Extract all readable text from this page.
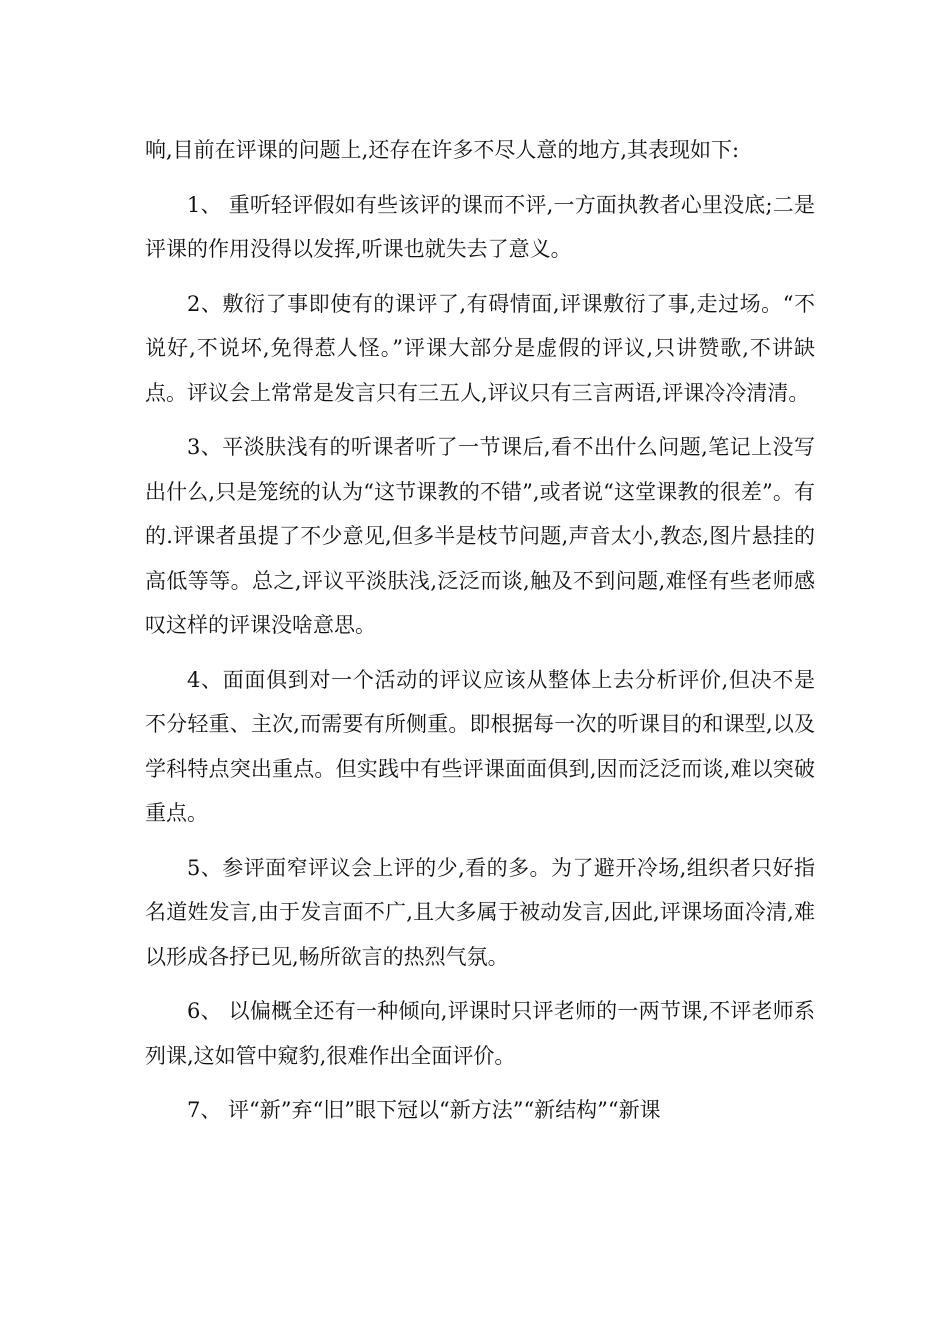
响,目前在评课的问题上,还存在许多不尽人意的地方,其表现如下:

1、 重听轻评假如有些该评的课而不评,一方面执教者心里没底;二是评课的作用没得以发挥,听课也就失去了意义。

2、敷衍了事即使有的课评了,有碍情面,评课敷衍了事,走过场。“不说好,不说坏,免得惹人怪。”评课大部分是虚假的评议,只讲赞歌,不讲缺点。评议会上常常是发言只有三五人,评议只有三言两语,评课冷冷清清。

3、平淡肤浅有的听课者听了一节课后,看不出什么问题,笔记上没写出什么,只是笼统的认为“这节课教的不错”,或者说“这堂课教的很差”。有的.评课者虽提了不少意见,但多半是枝节问题,声音太小,教态,图片悬挂的高低等等。总之,评议平淡肤浅,泛泛而谈,触及不到问题,难怪有些老师感叹这样的评课没啥意思。

4、面面俱到对一个活动的评议应该从整体上去分析评价,但决不是不分轻重、主次,而需要有所侧重。即根据每一次的听课目的和课型,以及学科特点突出重点。但实践中有些评课面面俱到,因而泛泛而谈,难以突破重点。

5、参评面窄评议会上评的少,看的多。为了避开冷场,组织者只好指名道姓发言,由于发言面不广,且大多属于被动发言,因此,评课场面冷清,难以形成各抒已见,畅所欲言的热烈气氛。

6、 以偏概全还有一种倾向,评课时只评老师的一两节课,不评老师系列课,这如管中窥豹,很难作出全面评价。

7、 评“新”弃“旧”眼下冠以“新方法”“新结构”“新课
